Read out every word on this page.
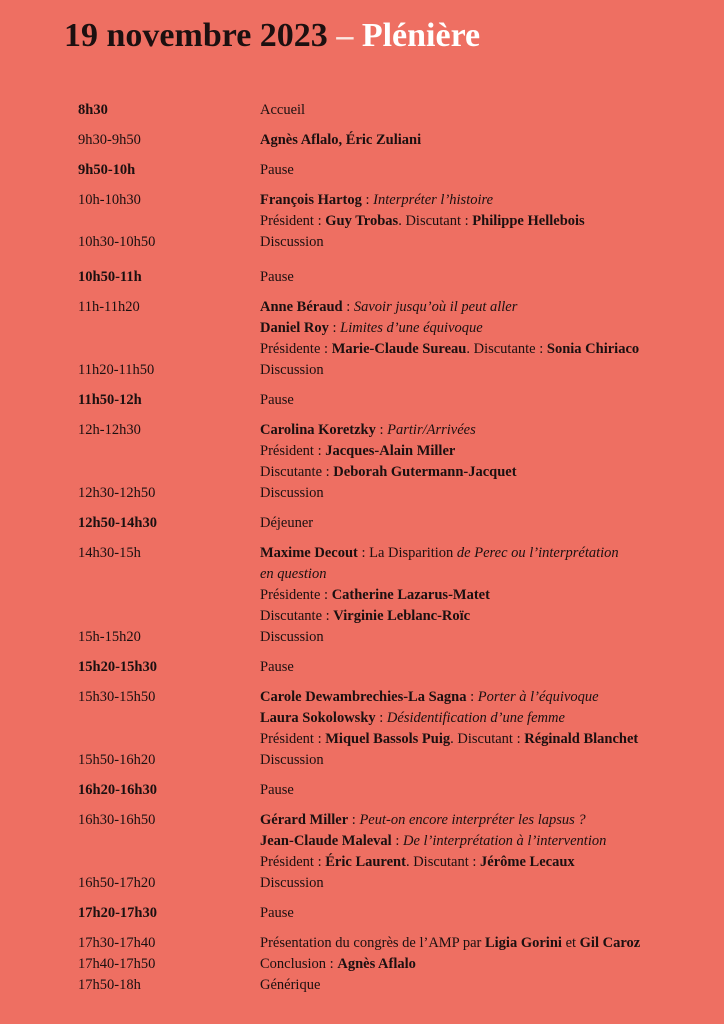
19 novembre 2023 – Plénière
8h30	Accueil
9h30-9h50	Agnès Aflalo, Éric Zuliani
9h50-10h	Pause
10h-10h30	François Hartog : Interpréter l’histoire
Président : Guy Trobas. Discutant : Philippe Hellebois
10h30-10h50	Discussion
10h50-11h	Pause
11h-11h20	Anne Béraud : Savoir jusqu’où il peut aller
Daniel Roy : Limites d’une équivoque
Présidente : Marie-Claude Sureau. Discutante : Sonia Chiriaco
11h20-11h50	Discussion
11h50-12h	Pause
12h-12h30	Carolina Koretzky : Partir/Arrivées
Président : Jacques-Alain Miller
Discutante : Deborah Gutermann-Jacquet
12h30-12h50	Discussion
12h50-14h30	Déjeuner
14h30-15h	Maxime Decout : La Disparition de Perec ou l’interprétation
en question
Présidente : Catherine Lazarus-Matet
Discutante : Virginie Leblanc-Roïc
15h-15h20	Discussion
15h20-15h30	Pause
15h30-15h50	Carole Dewambrechies-La Sagna : Porter à l’équivoque
Laura Sokolowsky : Désidentification d’une femme
Président : Miquel Bassols Puig. Discutant : Réginald Blanchet
15h50-16h20	Discussion
16h20-16h30	Pause
16h30-16h50	Gérard Miller : Peut-on encore interpréter les lapsus ?
Jean-Claude Maleval : De l’interprétation à l’intervention
Président : Éric Laurent. Discutant : Jérôme Lecaux
16h50-17h20	Discussion
17h20-17h30	Pause
17h30-17h40	Présentation du congrès de l’AMP par Ligia Gorini et Gil Caroz
17h40-17h50	Conclusion : Agnès Aflalo
17h50-18h	Générique
